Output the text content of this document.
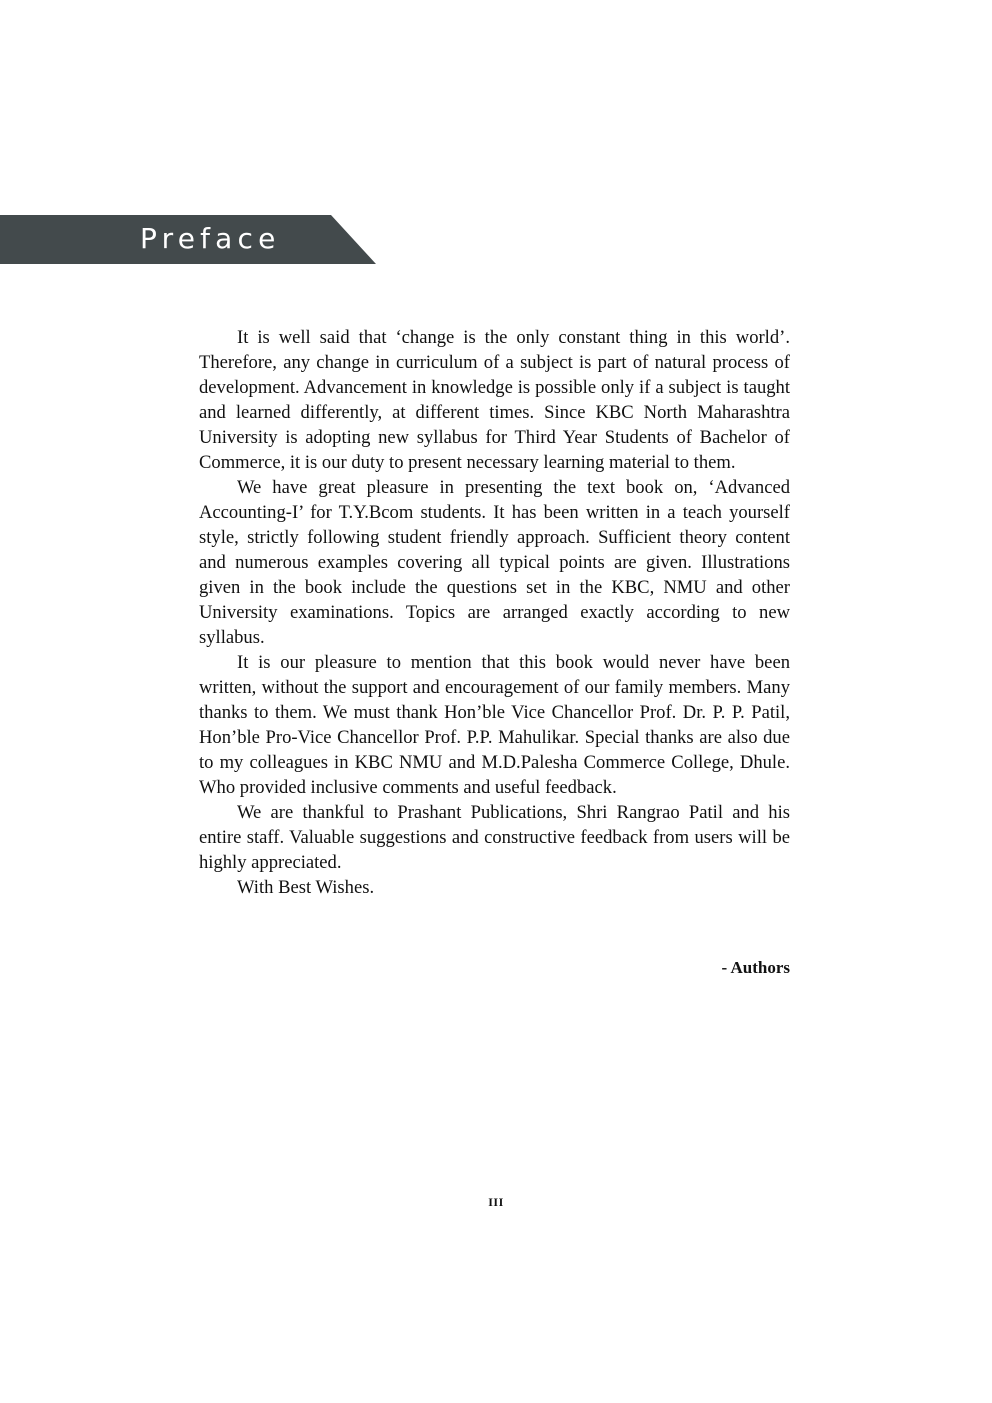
Preface

It is well said that ‘change is the only constant thing in this world’. Therefore, any change in curriculum of a subject is part of natural process of development. Advancement in knowledge is possible only if a subject is taught and learned differently, at different times. Since KBC North Maharashtra University is adopting new syllabus for Third Year Students of Bachelor of Commerce, it is our duty to present necessary learning material to them.

We have great pleasure in presenting the text book on, ‘Advanced Accounting-I’ for T.Y.Bcom students. It has been written in a teach yourself style, strictly following student friendly approach. Sufficient theory content and numerous examples covering all typical points are given. Illustrations given in the book include the questions set in the KBC, NMU and other University examinations. Topics are arranged exactly according to new syllabus.

It is our pleasure to mention that this book would never have been written, without the support and encouragement of our family members. Many thanks to them. We must thank Hon’ble Vice Chancellor Prof. Dr. P. P. Patil, Hon’ble Pro-Vice Chancellor Prof. P.P. Mahulikar. Special thanks are also due to my colleagues in KBC NMU and M.D.Palesha Commerce College, Dhule. Who provided inclusive comments and useful feedback.

We are thankful to Prashant Publications, Shri Rangrao Patil and his entire staff. Valuable suggestions and constructive feedback from users will be highly appreciated.

With Best Wishes.

- Authors
III
